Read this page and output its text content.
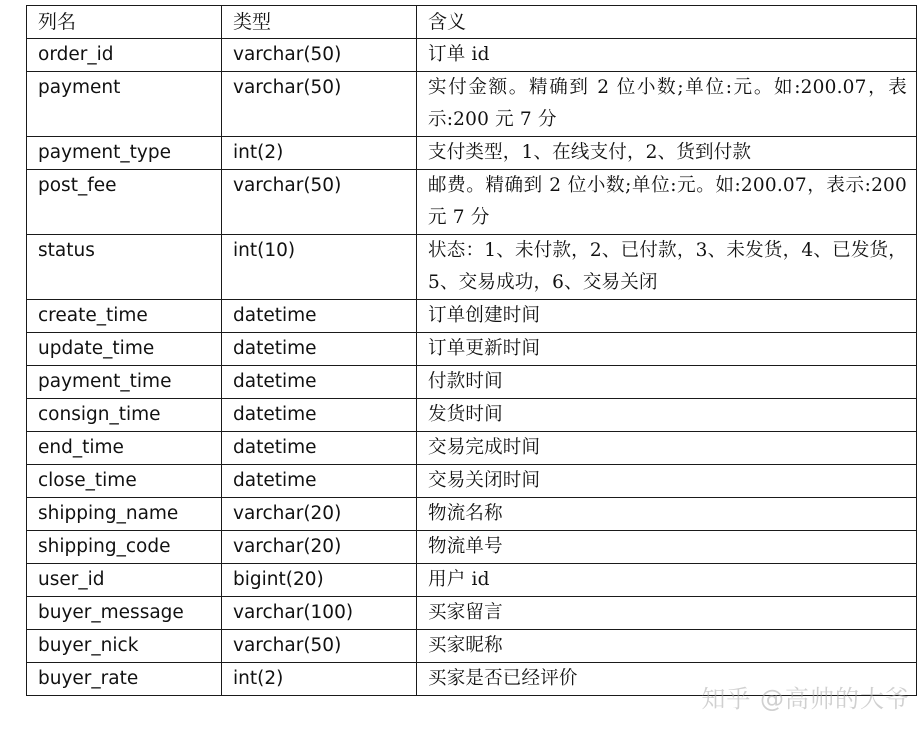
列名	类型	含义
order_id	varchar(50)	订单 id
payment	varchar(50)	实付金额。精确到 2 位小数;单位:元。如:200.07，表示:200 元 7 分
payment_type	int(2)	支付类型，1、在线支付，2、货到付款
post_fee	varchar(50)	邮费。精确到 2 位小数;单位:元。如:200.07，表示:200 元 7 分
status	int(10)	状态：1、未付款，2、已付款，3、未发货，4、已发货，5、交易成功，6、交易关闭
create_time	datetime	订单创建时间
update_time	datetime	订单更新时间
payment_time	datetime	付款时间
consign_time	datetime	发货时间
end_time	datetime	交易完成时间
close_time	datetime	交易关闭时间
shipping_name	varchar(20)	物流名称
shipping_code	varchar(20)	物流单号
user_id	bigint(20)	用户 id
buyer_message	varchar(100)	买家留言
buyer_nick	varchar(50)	买家昵称
buyer_rate	int(2)	买家是否已经评价
知乎 @高帅的大爷
